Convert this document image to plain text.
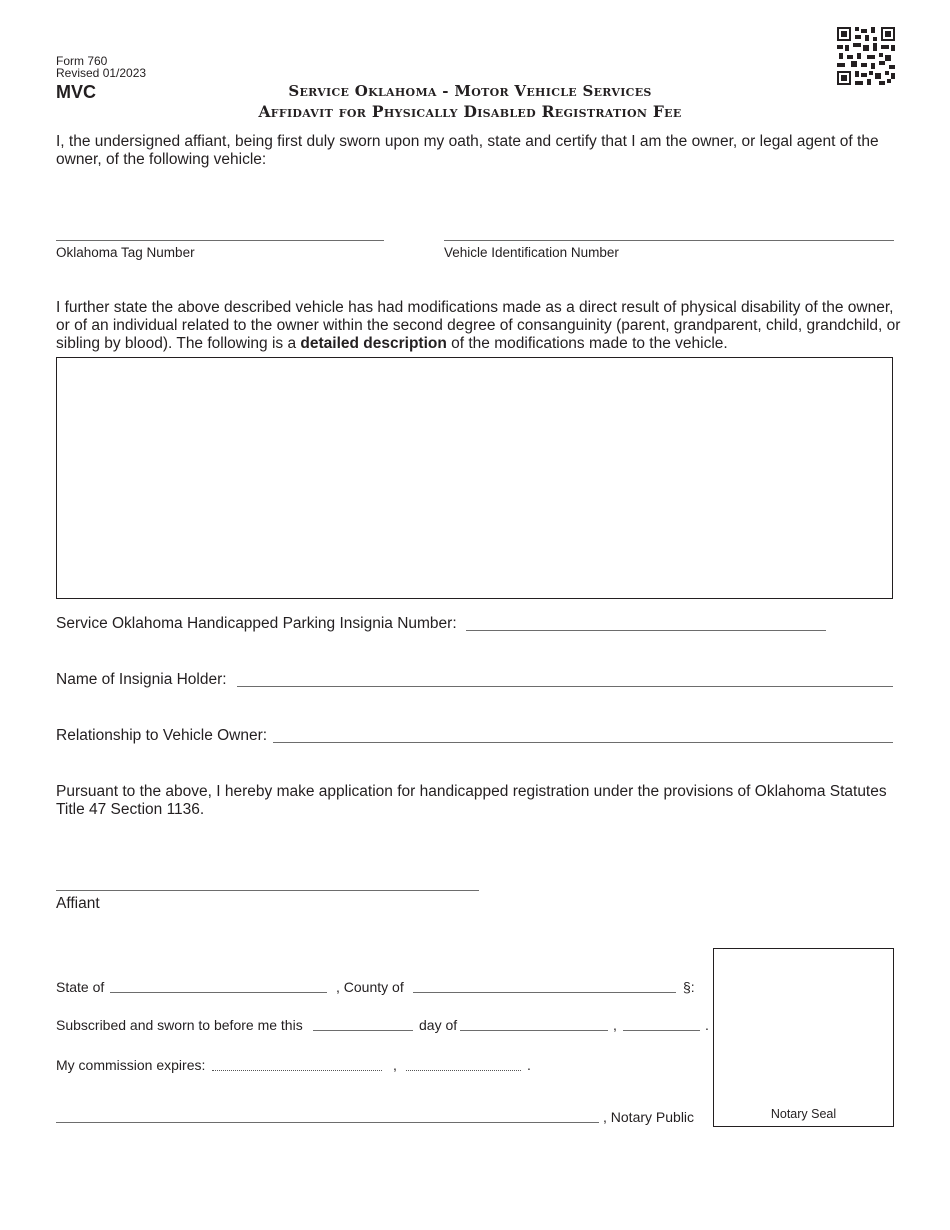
Form 760
Revised 01/2023
MVC	Service Oklahoma - Motor Vehicle Services
Affidavit for Physically Disabled Registration Fee
I, the undersigned affiant, being first duly sworn upon my oath, state and certify that I am the owner, or legal agent of the owner, of the following vehicle:
Oklahoma Tag Number	Vehicle Identification Number
I further state the above described vehicle has had modifications made as a direct result of physical disability of the owner, or of an individual related to the owner within the second degree of consanguinity (parent, grandparent, child, grandchild, or sibling by blood). The following is a detailed description of the modifications made to the vehicle.
Service Oklahoma Handicapped Parking Insignia Number:
Name of Insignia Holder:
Relationship to Vehicle Owner:
Pursuant to the above, I hereby make application for handicapped registration under the provisions of Oklahoma Statutes Title 47 Section 1136.
Affiant
Notary Seal
State of	, County of	§:
Subscribed and sworn to before me this	day of	,	.
My commission expires:	,	.
, Notary Public
